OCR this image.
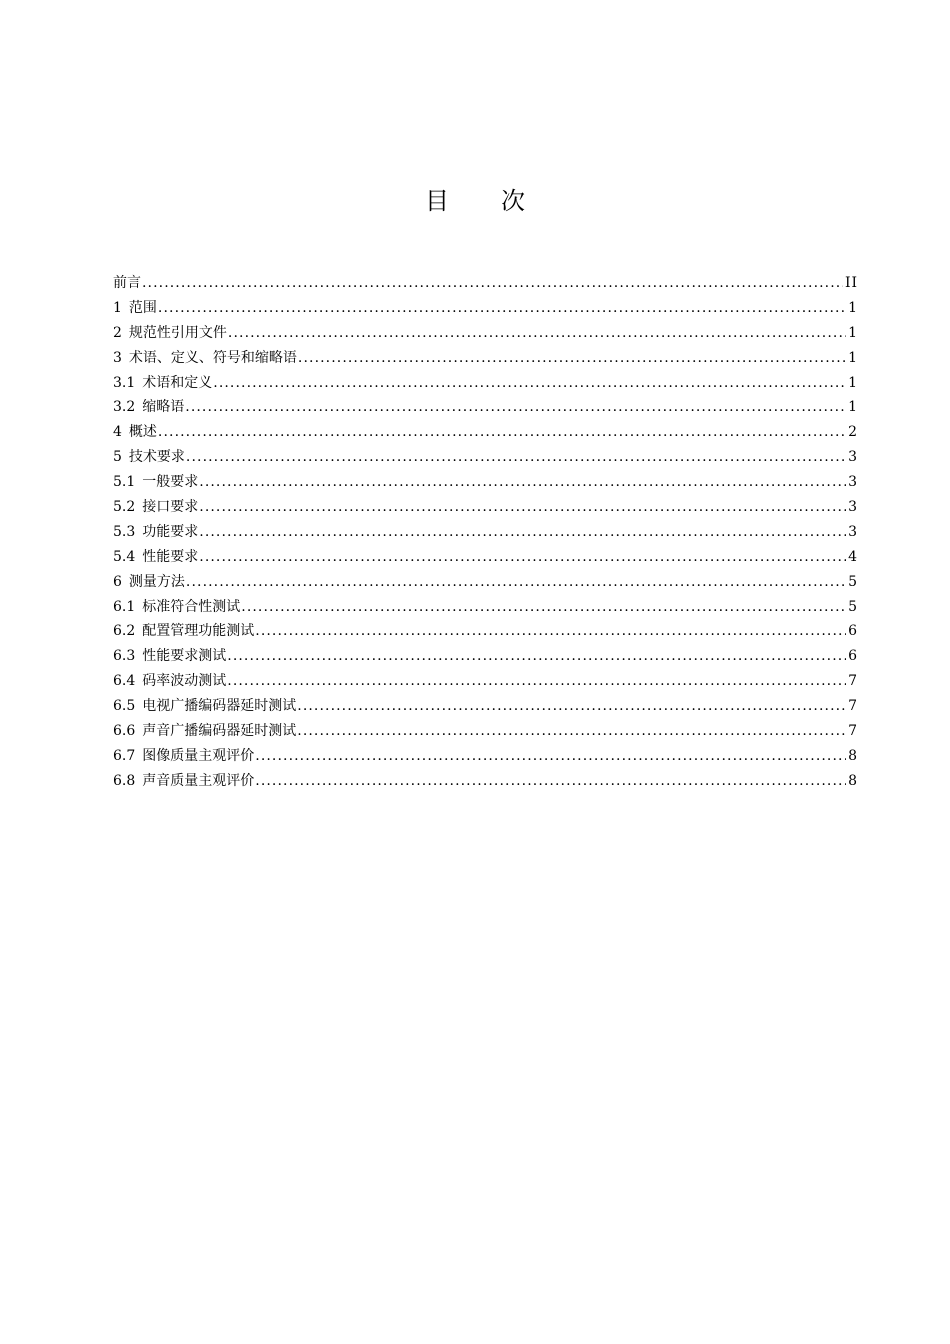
目 次
前言 .....	II
1 范围 .....	1
2 规范性引用文件 .....	1
3 术语、定义、符号和缩略语 .....	1
3.1 术语和定义 .....	1
3.2 缩略语 .....	1
4 概述 .....	2
5 技术要求 .....	3
5.1 一般要求 .....	3
5.2 接口要求 .....	3
5.3 功能要求 .....	3
5.4 性能要求 .....	4
6 测量方法 .....	5
6.1 标准符合性测试 .....	5
6.2 配置管理功能测试 .....	6
6.3 性能要求测试 .....	6
6.4 码率波动测试 .....	7
6.5 电视广播编码器延时测试 .....	7
6.6 声音广播编码器延时测试 .....	7
6.7 图像质量主观评价 .....	8
6.8 声音质量主观评价 .....	8
